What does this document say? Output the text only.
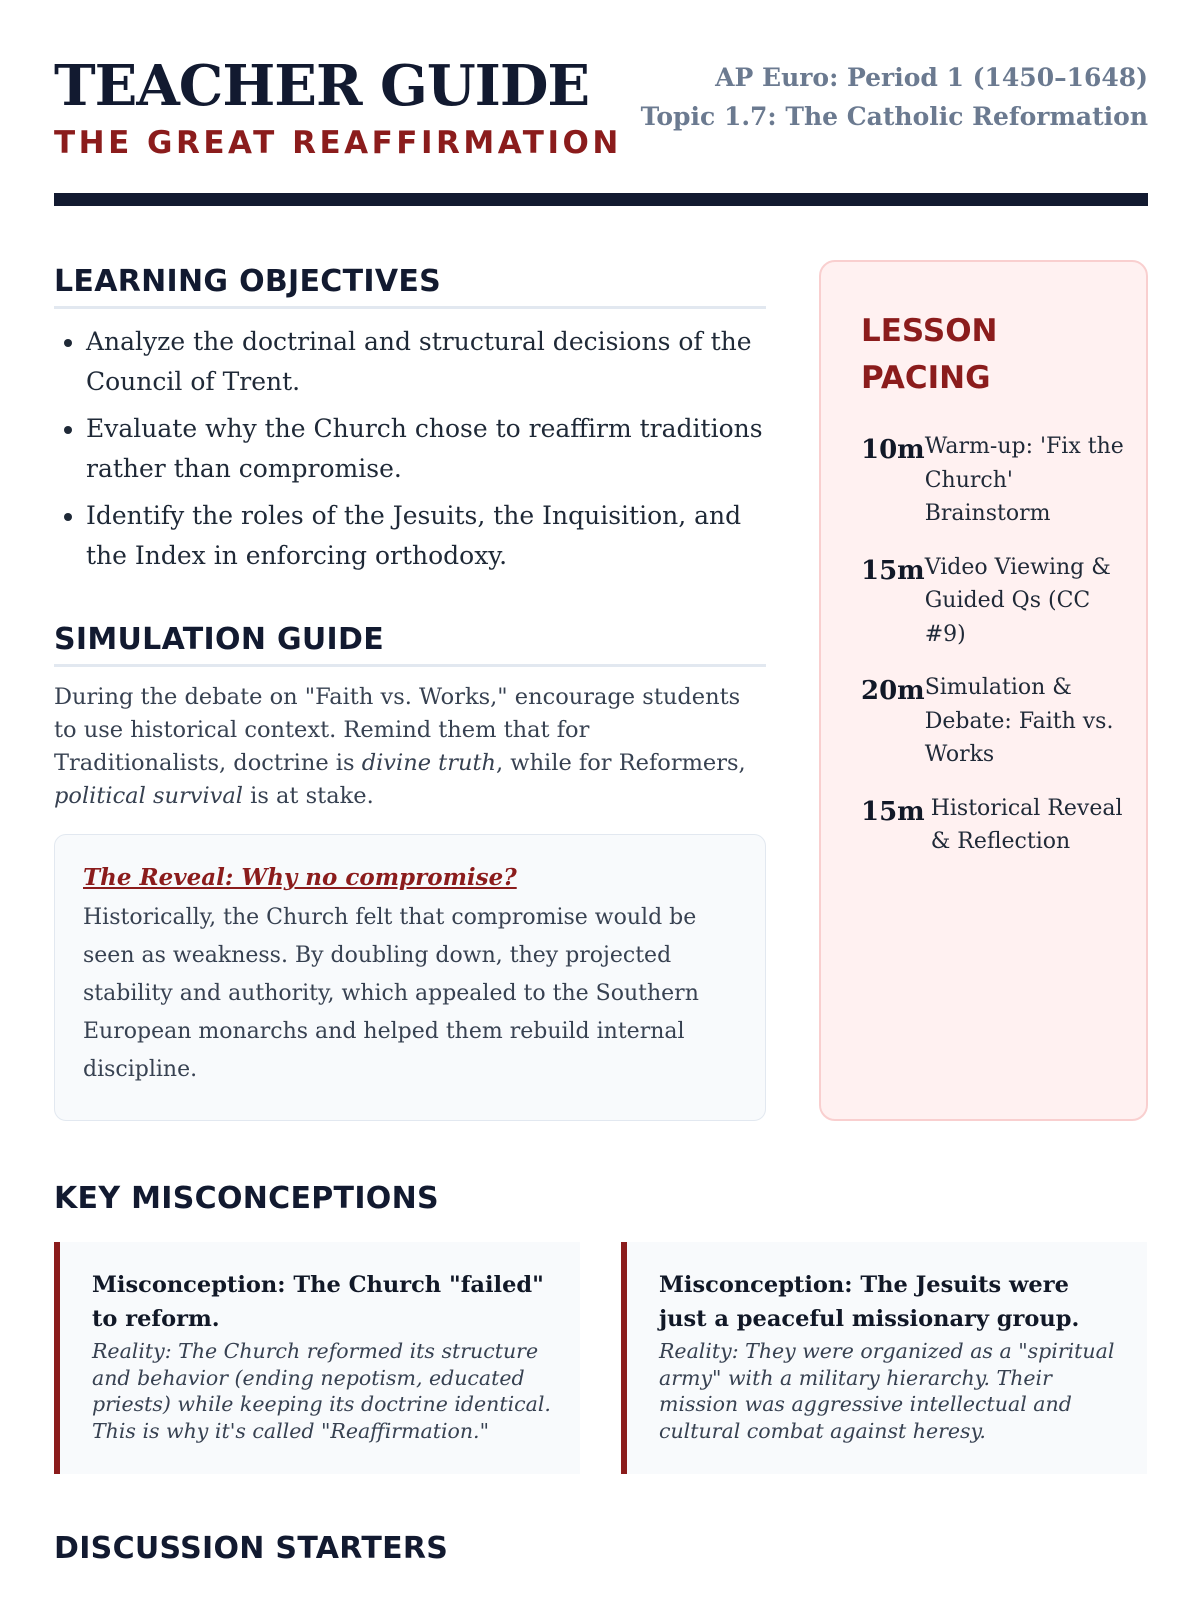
TEACHER GUIDE
THE GREAT REAFFIRMATION
AP Euro: Period 1 (1450–1648)
Topic 1.7: The Catholic Reformation
LEARNING OBJECTIVES
• Analyze the doctrinal and structural decisions of the Council of Trent.
• Evaluate why the Church chose to reaffirm traditions rather than compromise.
• Identify the roles of the Jesuits, the Inquisition, and the Index in enforcing orthodoxy.
SIMULATION GUIDE
During the debate on "Faith vs. Works," encourage students to use historical context. Remind them that for Traditionalists, doctrine is divine truth, while for Reformers, political survival is at stake.
The Reveal: Why no compromise?
Historically, the Church felt that compromise would be seen as weakness. By doubling down, they projected stability and authority, which appealed to the Southern European monarchs and helped them rebuild internal discipline.
LESSON
PACING
10m Warm-up: 'Fix the Church' Brainstorm
15m Video Viewing & Guided Qs (CC #9)
20m Simulation & Debate: Faith vs. Works
15m Historical Reveal & Reflection
KEY MISCONCEPTIONS
Misconception: The Church "failed" to reform.
Reality: The Church reformed its structure and behavior (ending nepotism, educated priests) while keeping its doctrine identical. This is why it's called "Reaffirmation."
Misconception: The Jesuits were just a peaceful missionary group.
Reality: They were organized as a "spiritual army" with a military hierarchy. Their mission was aggressive intellectual and cultural combat against heresy.
DISCUSSION STARTERS
